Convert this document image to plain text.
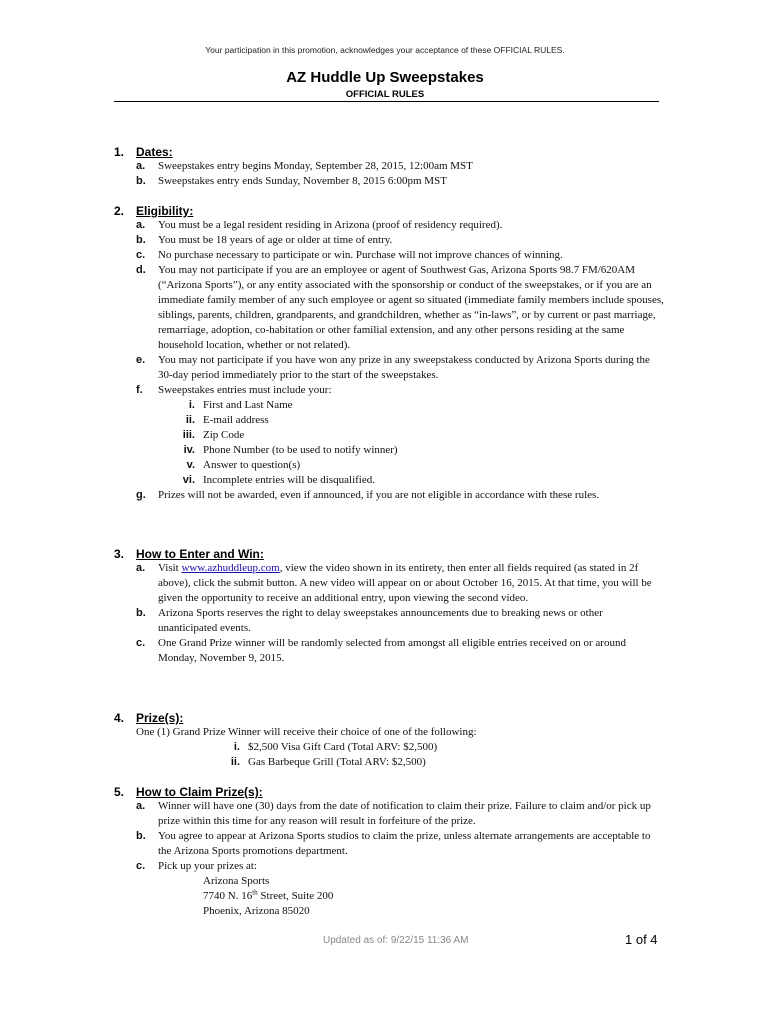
Your participation in this promotion, acknowledges your acceptance of these OFFICIAL RULES.
AZ Huddle Up Sweepstakes
OFFICIAL RULES
1. Dates:
a.	Sweepstakes entry begins Monday, September 28, 2015, 12:00am MST
b.	Sweepstakes entry ends Sunday, November 8, 2015 6:00pm MST
2. Eligibility:
a.	You must be a legal resident residing in Arizona (proof of residency required).
b.	You must be 18 years of age or older at time of entry.
c.	No purchase necessary to participate or win. Purchase will not improve chances of winning.
d.	You may not participate if you are an employee or agent of Southwest Gas, Arizona Sports 98.7 FM/620AM (“Arizona Sports”), or any entity associated with the sponsorship or conduct of the sweepstakes, or if you are an immediate family member of any such employee or agent so situated (immediate family members include spouses, siblings, parents, children, grandparents, and grandchildren, whether as “in-laws”, or by current or past marriage, remarriage, adoption, co-habitation or other familial extension, and any other persons residing at the same household location, whether or not related).
e.	You may not participate if you have won any prize in any sweepstakess conducted by Arizona Sports during the 30-day period immediately prior to the start of the sweepstakes.
f.	Sweepstakes entries must include your:
i. First and Last Name
ii. E-mail address
iii. Zip Code
iv. Phone Number (to be used to notify winner)
v. Answer to question(s)
vi. Incomplete entries will be disqualified.
g.	Prizes will not be awarded, even if announced, if you are not eligible in accordance with these rules.
3. How to Enter and Win:
a.	Visit www.azhuddleup.com, view the video shown in its entirety, then enter all fields required (as stated in 2f above), click the submit button. A new video will appear on or about October 16, 2015. At that time, you will be given the opportunity to receive an additional entry, upon viewing the second video.
b.	Arizona Sports reserves the right to delay sweepstakes announcements due to breaking news or other unanticipated events.
c.	One Grand Prize winner will be randomly selected from amongst all eligible entries received on or around Monday, November 9, 2015.
4. Prize(s):
One (1) Grand Prize Winner will receive their choice of one of the following:
i. $2,500 Visa Gift Card (Total ARV: $2,500)
ii. Gas Barbeque Grill (Total ARV: $2,500)
5. How to Claim Prize(s):
a.	Winner will have one (30) days from the date of notification to claim their prize. Failure to claim and/or pick up prize within this time for any reason will result in forfeiture of the prize.
b.	You agree to appear at Arizona Sports studios to claim the prize, unless alternate arrangements are acceptable to the Arizona Sports promotions department.
c.	Pick up your prizes at:
Arizona Sports
7740 N. 16th Street, Suite 200
Phoenix, Arizona 85020
Updated as of: 9/22/15 11:36 AM	1 of 4
